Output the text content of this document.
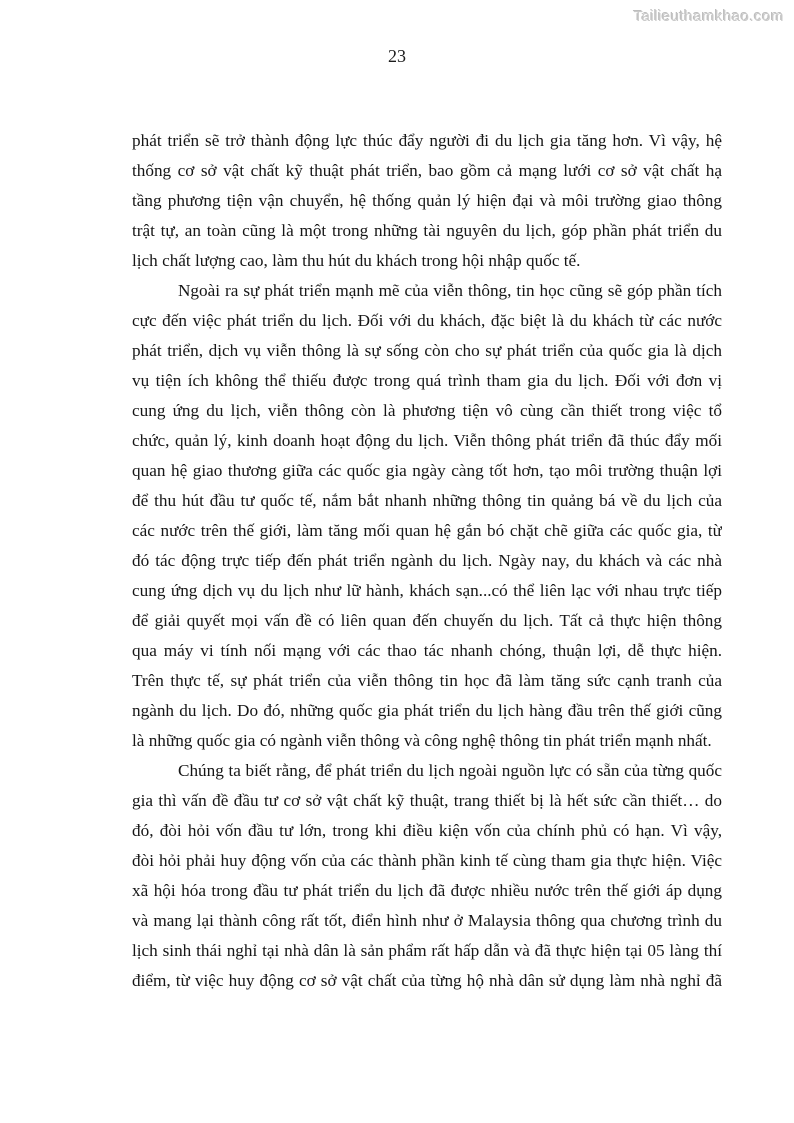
Tailieuthamkhao.com
23
phát triển sẽ trở thành động lực thúc đẩy người đi du lịch gia tăng hơn. Vì vậy, hệ
thống cơ sở vật chất kỹ thuật phát triển, bao gồm cả mạng lưới cơ sở vật chất hạ
tầng phương tiện vận chuyển, hệ thống quản lý hiện đại và môi trường giao thông
trật tự, an toàn cũng là một trong những tài nguyên du lịch, góp phần phát triển du
lịch chất lượng cao, làm thu hút du khách trong hội nhập quốc tế.
Ngoài ra sự phát triển mạnh mẽ của viễn thông, tin học cũng sẽ góp phần tích
cực đến việc phát triển du lịch. Đối với du khách, đặc biệt là du khách từ các nước
phát triển, dịch vụ viễn thông là sự sống còn cho sự phát triển của quốc gia là dịch
vụ tiện ích không thể thiếu được trong quá trình tham gia du lịch. Đối với đơn vị
cung ứng du lịch, viễn thông còn là phương tiện vô cùng cần thiết trong việc tổ
chức, quản lý, kinh doanh hoạt động du lịch. Viễn thông phát triển đã thúc đẩy mối
quan hệ giao thương giữa các quốc gia ngày càng tốt hơn, tạo môi trường thuận lợi
để thu hút đầu tư quốc tế, nắm bắt nhanh những thông tin quảng bá về du lịch của
các nước trên thế giới, làm tăng mối quan hệ gắn bó chặt chẽ giữa các quốc gia, từ
đó tác động trực tiếp đến phát triển ngành du lịch. Ngày nay, du khách và các nhà
cung ứng dịch vụ du lịch như lữ hành, khách sạn...có thể liên lạc với nhau trực tiếp
để giải quyết mọi vấn đề có liên quan đến chuyến du lịch. Tất cả thực hiện thông
qua máy vi tính nối mạng với các thao tác nhanh chóng, thuận lợi, dễ thực hiện.
Trên thực tế, sự phát triển của viễn thông tin học đã làm tăng sức cạnh tranh của
ngành du lịch. Do đó, những quốc gia phát triển du lịch hàng đầu trên thế giới cũng
là những quốc gia có ngành viễn thông và công nghệ thông tin phát triển mạnh nhất.
Chúng ta biết rằng, để phát triển du lịch ngoài nguồn lực có sẵn của từng quốc
gia thì vấn đề đầu tư cơ sở vật chất kỹ thuật, trang thiết bị là hết sức cần thiết… do
đó, đòi hỏi vốn đầu tư lớn, trong khi điều kiện vốn của chính phủ có hạn. Vì vậy,
đòi hỏi phải huy động vốn của các thành phần kinh tế cùng tham gia thực hiện. Việc
xã hội hóa trong đầu tư phát triển du lịch đã được nhiều nước trên thế giới áp dụng
và mang lại thành công rất tốt, điển hình như ở Malaysia thông qua chương trình du
lịch sinh thái nghỉ tại nhà dân là sản phẩm rất hấp dẫn và đã thực hiện tại 05 làng thí
điểm, từ việc huy động cơ sở vật chất của từng hộ nhà dân sử dụng làm nhà nghỉ đã
